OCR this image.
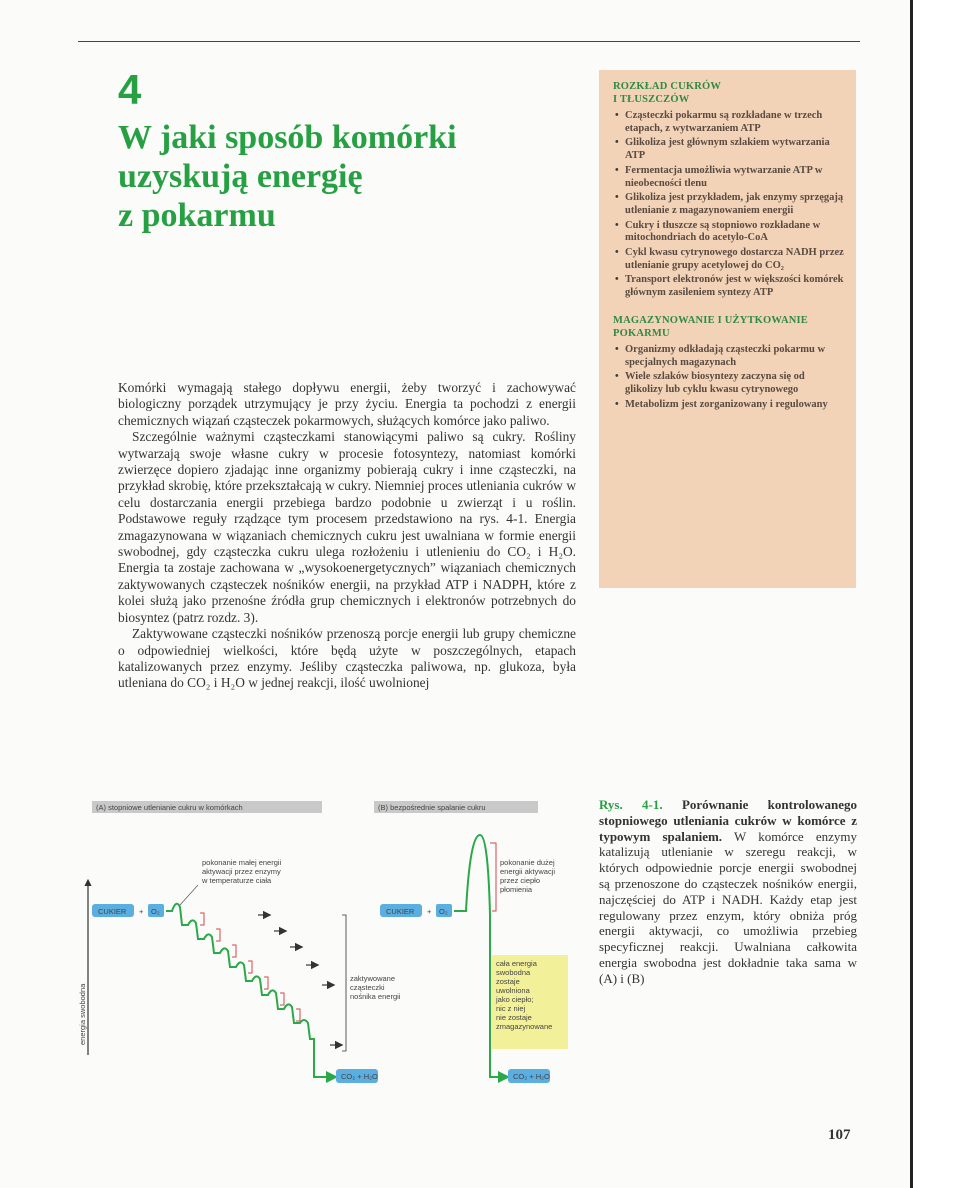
4
W jaki sposób komórki
uzyskują energię
z pokarmu
ROZKŁAD CUKRÓW
I TŁUSZCZÓW
• Cząsteczki pokarmu są rozkładane w trzech etapach, z wytwarzaniem ATP
• Glikoliza jest głównym szlakiem wytwarzania ATP
• Fermentacja umożliwia wytwarzanie ATP w nieobecności tlenu
• Glikoliza jest przykładem, jak enzymy sprzęgają utlenianie z magazynowaniem energii
• Cukry i tłuszcze są stopniowo rozkładane w mitochondriach do acetylo-CoA
• Cykl kwasu cytrynowego dostarcza NADH przez utlenianie grupy acetylowej do CO₂
• Transport elektronów jest w większości komórek głównym zasileniem syntezy ATP
MAGAZYNOWANIE I UŻYTKOWANIE
POKARMU
• Organizmy odkładają cząsteczki pokarmu w specjalnych magazynach
• Wiele szlaków biosyntezy zaczyna się od glikolizy lub cyklu kwasu cytrynowego
• Metabolizm jest zorganizowany i regulowany

Komórki wymagają stałego dopływu energii, żeby tworzyć i zachowywać biologiczny porządek utrzymujący je przy życiu. Energia ta pochodzi z energii chemicznych wiązań cząsteczek pokarmowych, służących komórce jako paliwo.

Szczególnie ważnymi cząsteczkami stanowiącymi paliwo są cukry. Rośliny wytwarzają swoje własne cukry w procesie fotosyntezy, natomiast komórki zwierzęce dopiero zjadając inne organizmy pobierają cukry i inne cząsteczki, na przykład skrobię, które przekształcają w cukry. Niemniej proces utleniania cukrów w celu dostarczania energii przebiega bardzo podobnie u zwierząt i u roślin. Podstawowe reguły rządzące tym procesem przedstawiono na rys. 4-1. Energia zmagazynowana w wiązaniach chemicznych cukru jest uwalniana w formie energii swobodnej, gdy cząsteczka cukru ulega rozłożeniu i utlenieniu do CO₂ i H₂O. Energia ta zostaje zachowana w „wysokoenergetycznych” wiązaniach chemicznych zaktywowanych cząsteczek nośników energii, na przykład ATP i NADPH, które z kolei służą jako przenośne źródła grup chemicznych i elektronów potrzebnych do biosyntez (patrz rozdz. 3).

Zaktywowane cząsteczki nośników przenoszą porcje energii lub grupy chemiczne o odpowiedniej wielkości, które będą użyte w poszczególnych, etapach katalizowanych przez enzymy. Jeśliby cząsteczka paliwowa, np. glukoza, była utleniana do CO₂ i H₂O w jednej reakcji, ilość uwolnionej

(A) stopniowe utlenianie cukru w komórkach	(B) bezpośrednie spalanie cukru
energia swobodna
CUKIER + O₂
pokonanie małej energii aktywacji przez enzymy w temperaturze ciała
zaktywowane cząsteczki nośnika energii
CO₂ + H₂O
CUKIER + O₂
pokonanie dużej energii aktywacji przez ciepło płomienia
cała energia swobodna zostaje uwolniona jako ciepło; nic z niej nie zostaje zmagazynowane
CO₂ + H₂O
Rys. 4-1. Porównanie kontrolowanego stopniowego utleniania cukrów w komórce z typowym spalaniem. W komórce enzymy katalizują utlenianie w szeregu reakcji, w których odpowiednie porcje energii swobodnej są przenoszone do cząsteczek nośników energii, najczęściej do ATP i NADH. Każdy etap jest regulowany przez enzym, który obniża próg energii aktywacji, co umożliwia przebieg specyficznej reakcji. Uwalniana całkowita energia swobodna jest dokładnie taka sama w (A) i (B)
107
